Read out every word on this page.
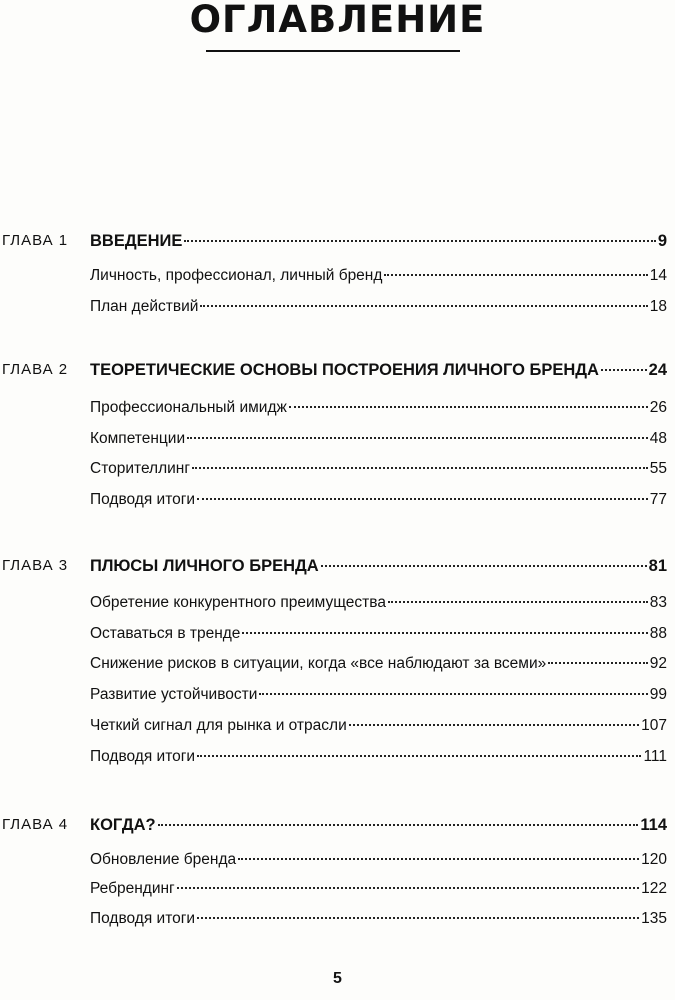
ОГЛАВЛЕНИЕ
ГЛАВА 1 ВВЕДЕНИЕ	9
Личность, профессионал, личный бренд	14
План действий	18
ГЛАВА 2 ТЕОРЕТИЧЕСКИЕ ОСНОВЫ ПОСТРОЕНИЯ ЛИЧНОГО БРЕНДА	24
Профессиональный имидж	26
Компетенции	48
Сторителлинг	55
Подводя итоги	77
ГЛАВА 3 ПЛЮСЫ ЛИЧНОГО БРЕНДА	81
Обретение конкурентного преимущества	83
Оставаться в тренде	88
Снижение рисков в ситуации, когда «все наблюдают за всеми»	92
Развитие устойчивости	99
Четкий сигнал для рынка и отрасли	107
Подводя итоги	111
ГЛАВА 4 КОГДА?	114
Обновление бренда	120
Ребрендинг	122
Подводя итоги	135
5
